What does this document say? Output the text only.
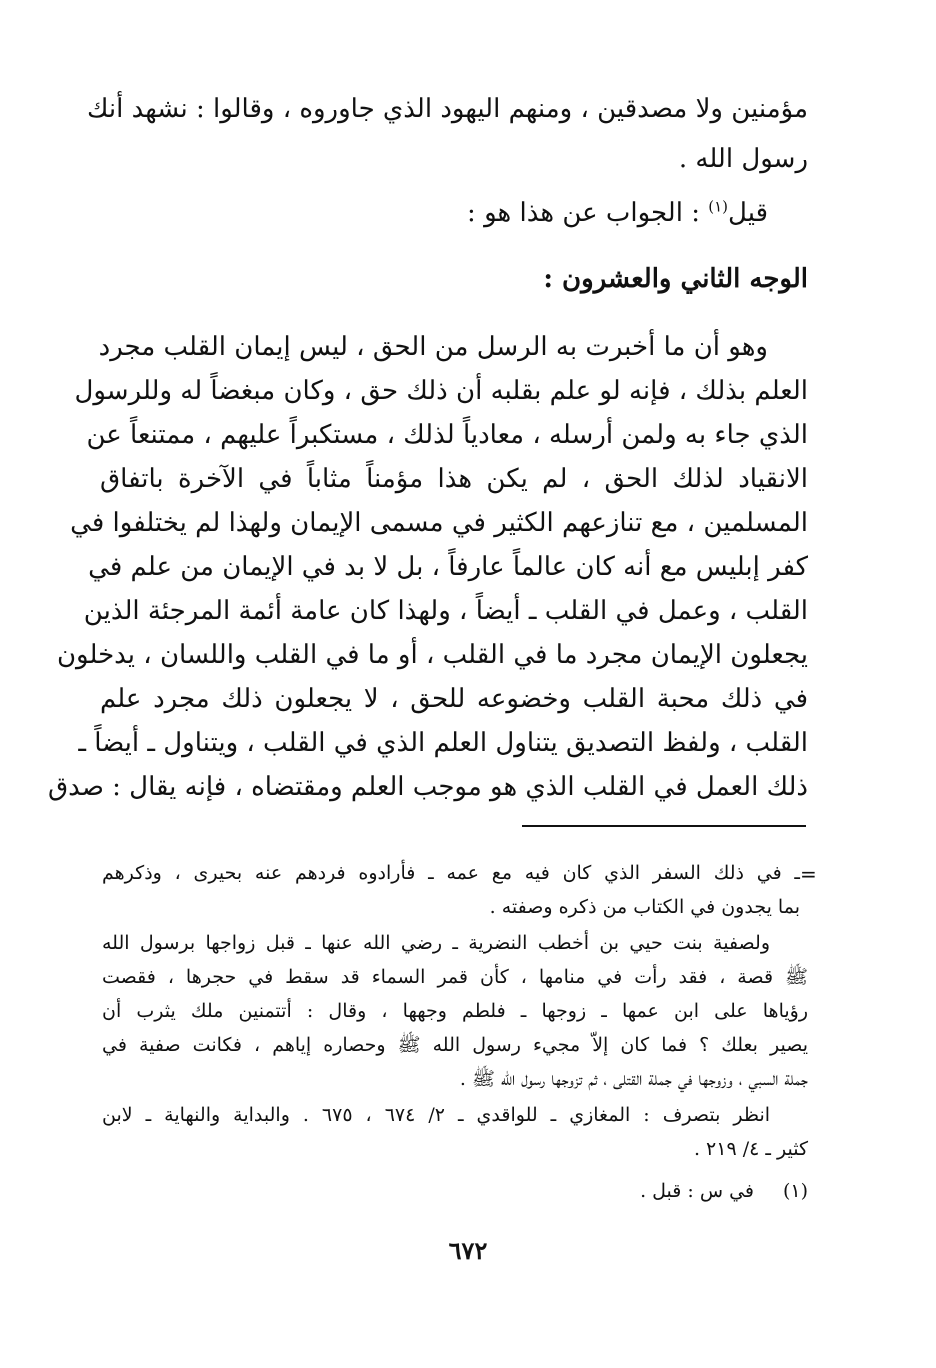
مؤمنين ولا مصدقين ، ومنهم اليهود الذي جاوروه ، وقالوا : نشهد أنك
رسول الله .
قيل$^{(١)}$ : الجواب عن هذا هو :
الوجه الثاني والعشرون :
وهو أن ما أخبرت به الرسل من الحق ، ليس إيمان القلب مجرد
العلم بذلك ، فإنه لو علم بقلبه أن ذلك حق ، وكان مبغضاً له وللرسول
الذي جاء به ولمن أرسله ، معادياً لذلك ، مستكبراً عليهم ، ممتنعاً عن
الانقياد لذلك الحق ، لم يكن هذا مؤمناً مثاباً في الآخرة باتفاق
المسلمين ، مع تنازعهم الكثير في مسمى الإيمان ولهذا لم يختلفوا في
كفر إبليس مع أنه كان عالماً عارفاً ، بل لا بد في الإيمان من علم في
القلب ، وعمل في القلب ـ أيضاً ، ولهذا كان عامة أئمة المرجئة الذين
يجعلون الإيمان مجرد ما في القلب ، أو ما في القلب واللسان ، يدخلون
في ذلك محبة القلب وخضوعه للحق ، لا يجعلون ذلك مجرد علم
القلب ، ولفظ التصديق يتناول العلم الذي في القلب ، ويتناول ـ أيضاً ـ
ذلك العمل في القلب الذي هو موجب العلم ومقتضاه ، فإنه يقال : صدق
=
ـ في ذلك السفر الذي كان فيه مع عمه ـ فأرادوه فردهم عنه بحيرى ، وذكرهم
بما يجدون في الكتاب من ذكره وصفته .
ولصفية بنت حيي بن أخطب النضرية ـ رضي الله عنها ـ قبل زواجها برسول الله
ﷺ قصة ، فقد رأت في منامها ، كأن قمر السماء قد سقط في حجرها ، فقصت
رؤياها على ابن عمها ـ زوجها ـ فلطم وجهها ، وقال : أتتمنين ملك يثرب أن
يصير بعلك ؟ فما كان إلاّ مجيء رسول الله ﷺ وحصاره إياهم ، فكانت صفية في
جملة السبي ، وزوجها في جملة القتلى ، ثم تزوجها رسول الله ﷺ .
انظر بتصرف : المغازي ـ للواقدي ـ ٢/ ٦٧٤ ، ٦٧٥ . والبداية والنهاية ـ لابن
كثير ـ ٤/ ٢١٩ .
(١)
في س : قبل .
٦٧٢
